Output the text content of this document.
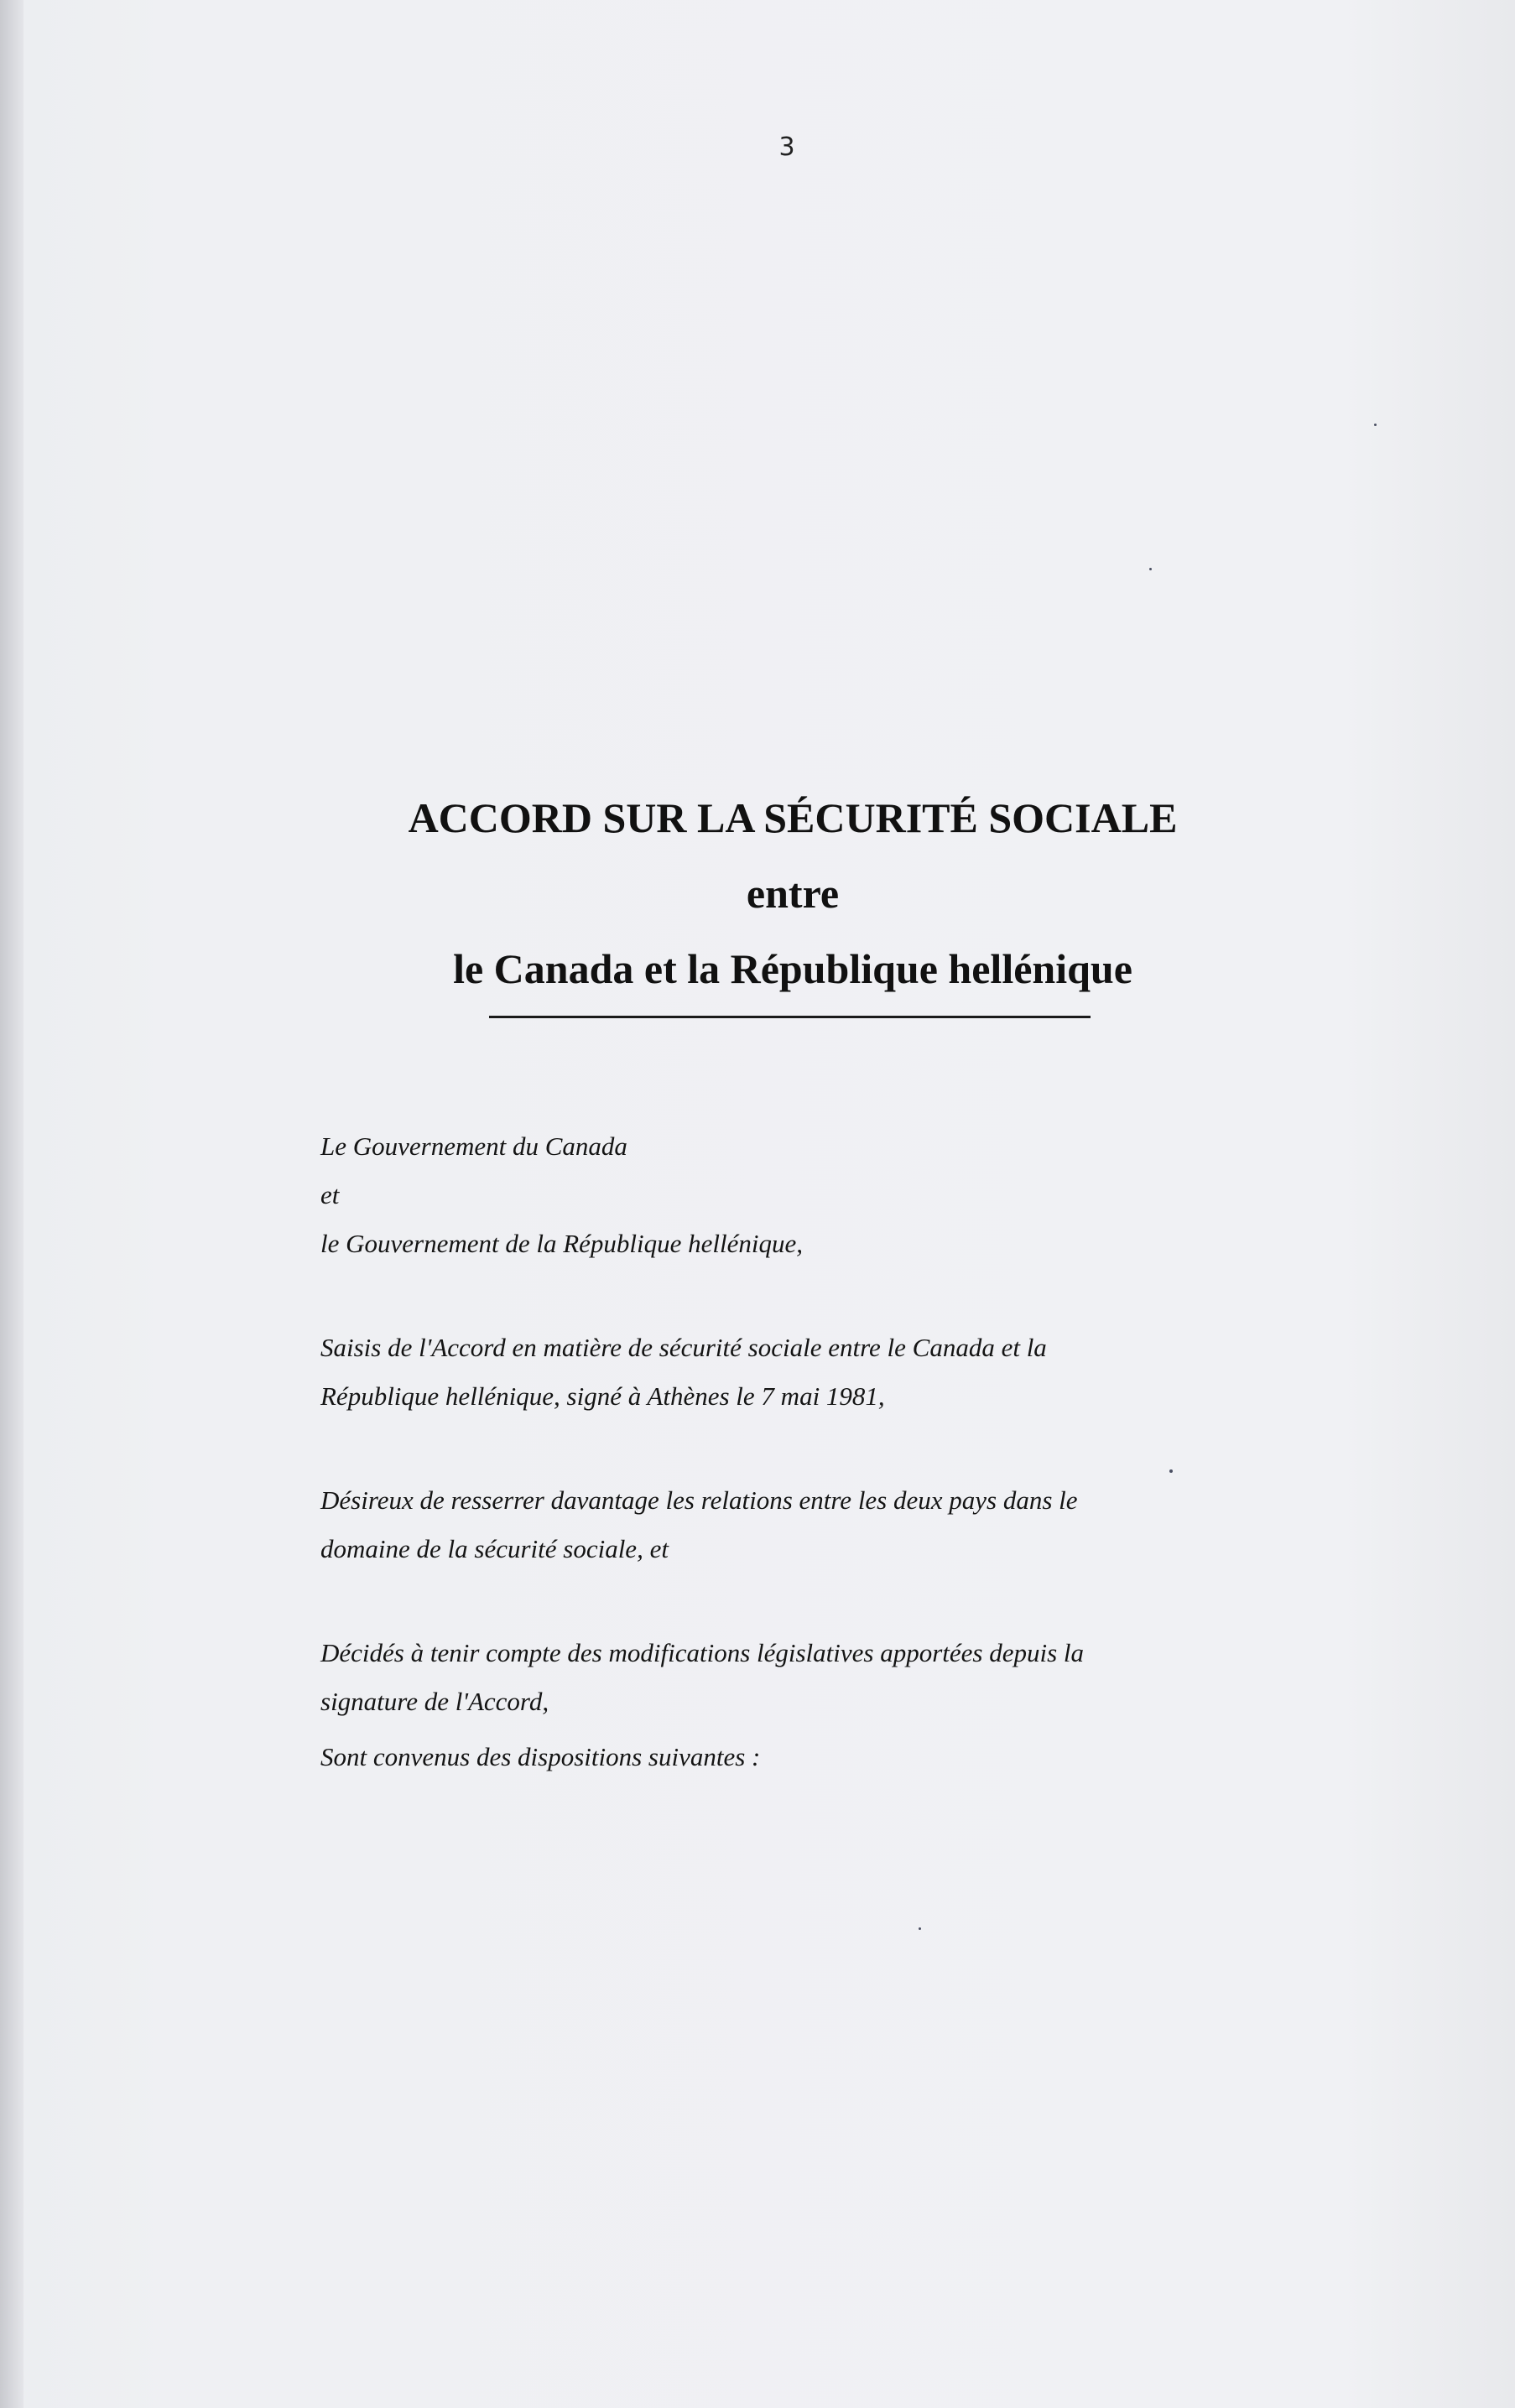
3
ACCORD SUR LA SÉCURITÉ SOCIALE
entre
le Canada et la République hellénique

Le Gouvernement du Canada

et

le Gouvernement de la République hellénique,

Saisis de l'Accord en matière de sécurité sociale entre le Canada et la

République hellénique, signé à Athènes le 7 mai 1981,

Désireux de resserrer davantage les relations entre les deux pays dans le

domaine de la sécurité sociale, et

Décidés à tenir compte des modifications législatives apportées depuis la

signature de l'Accord,

Sont convenus des dispositions suivantes :
